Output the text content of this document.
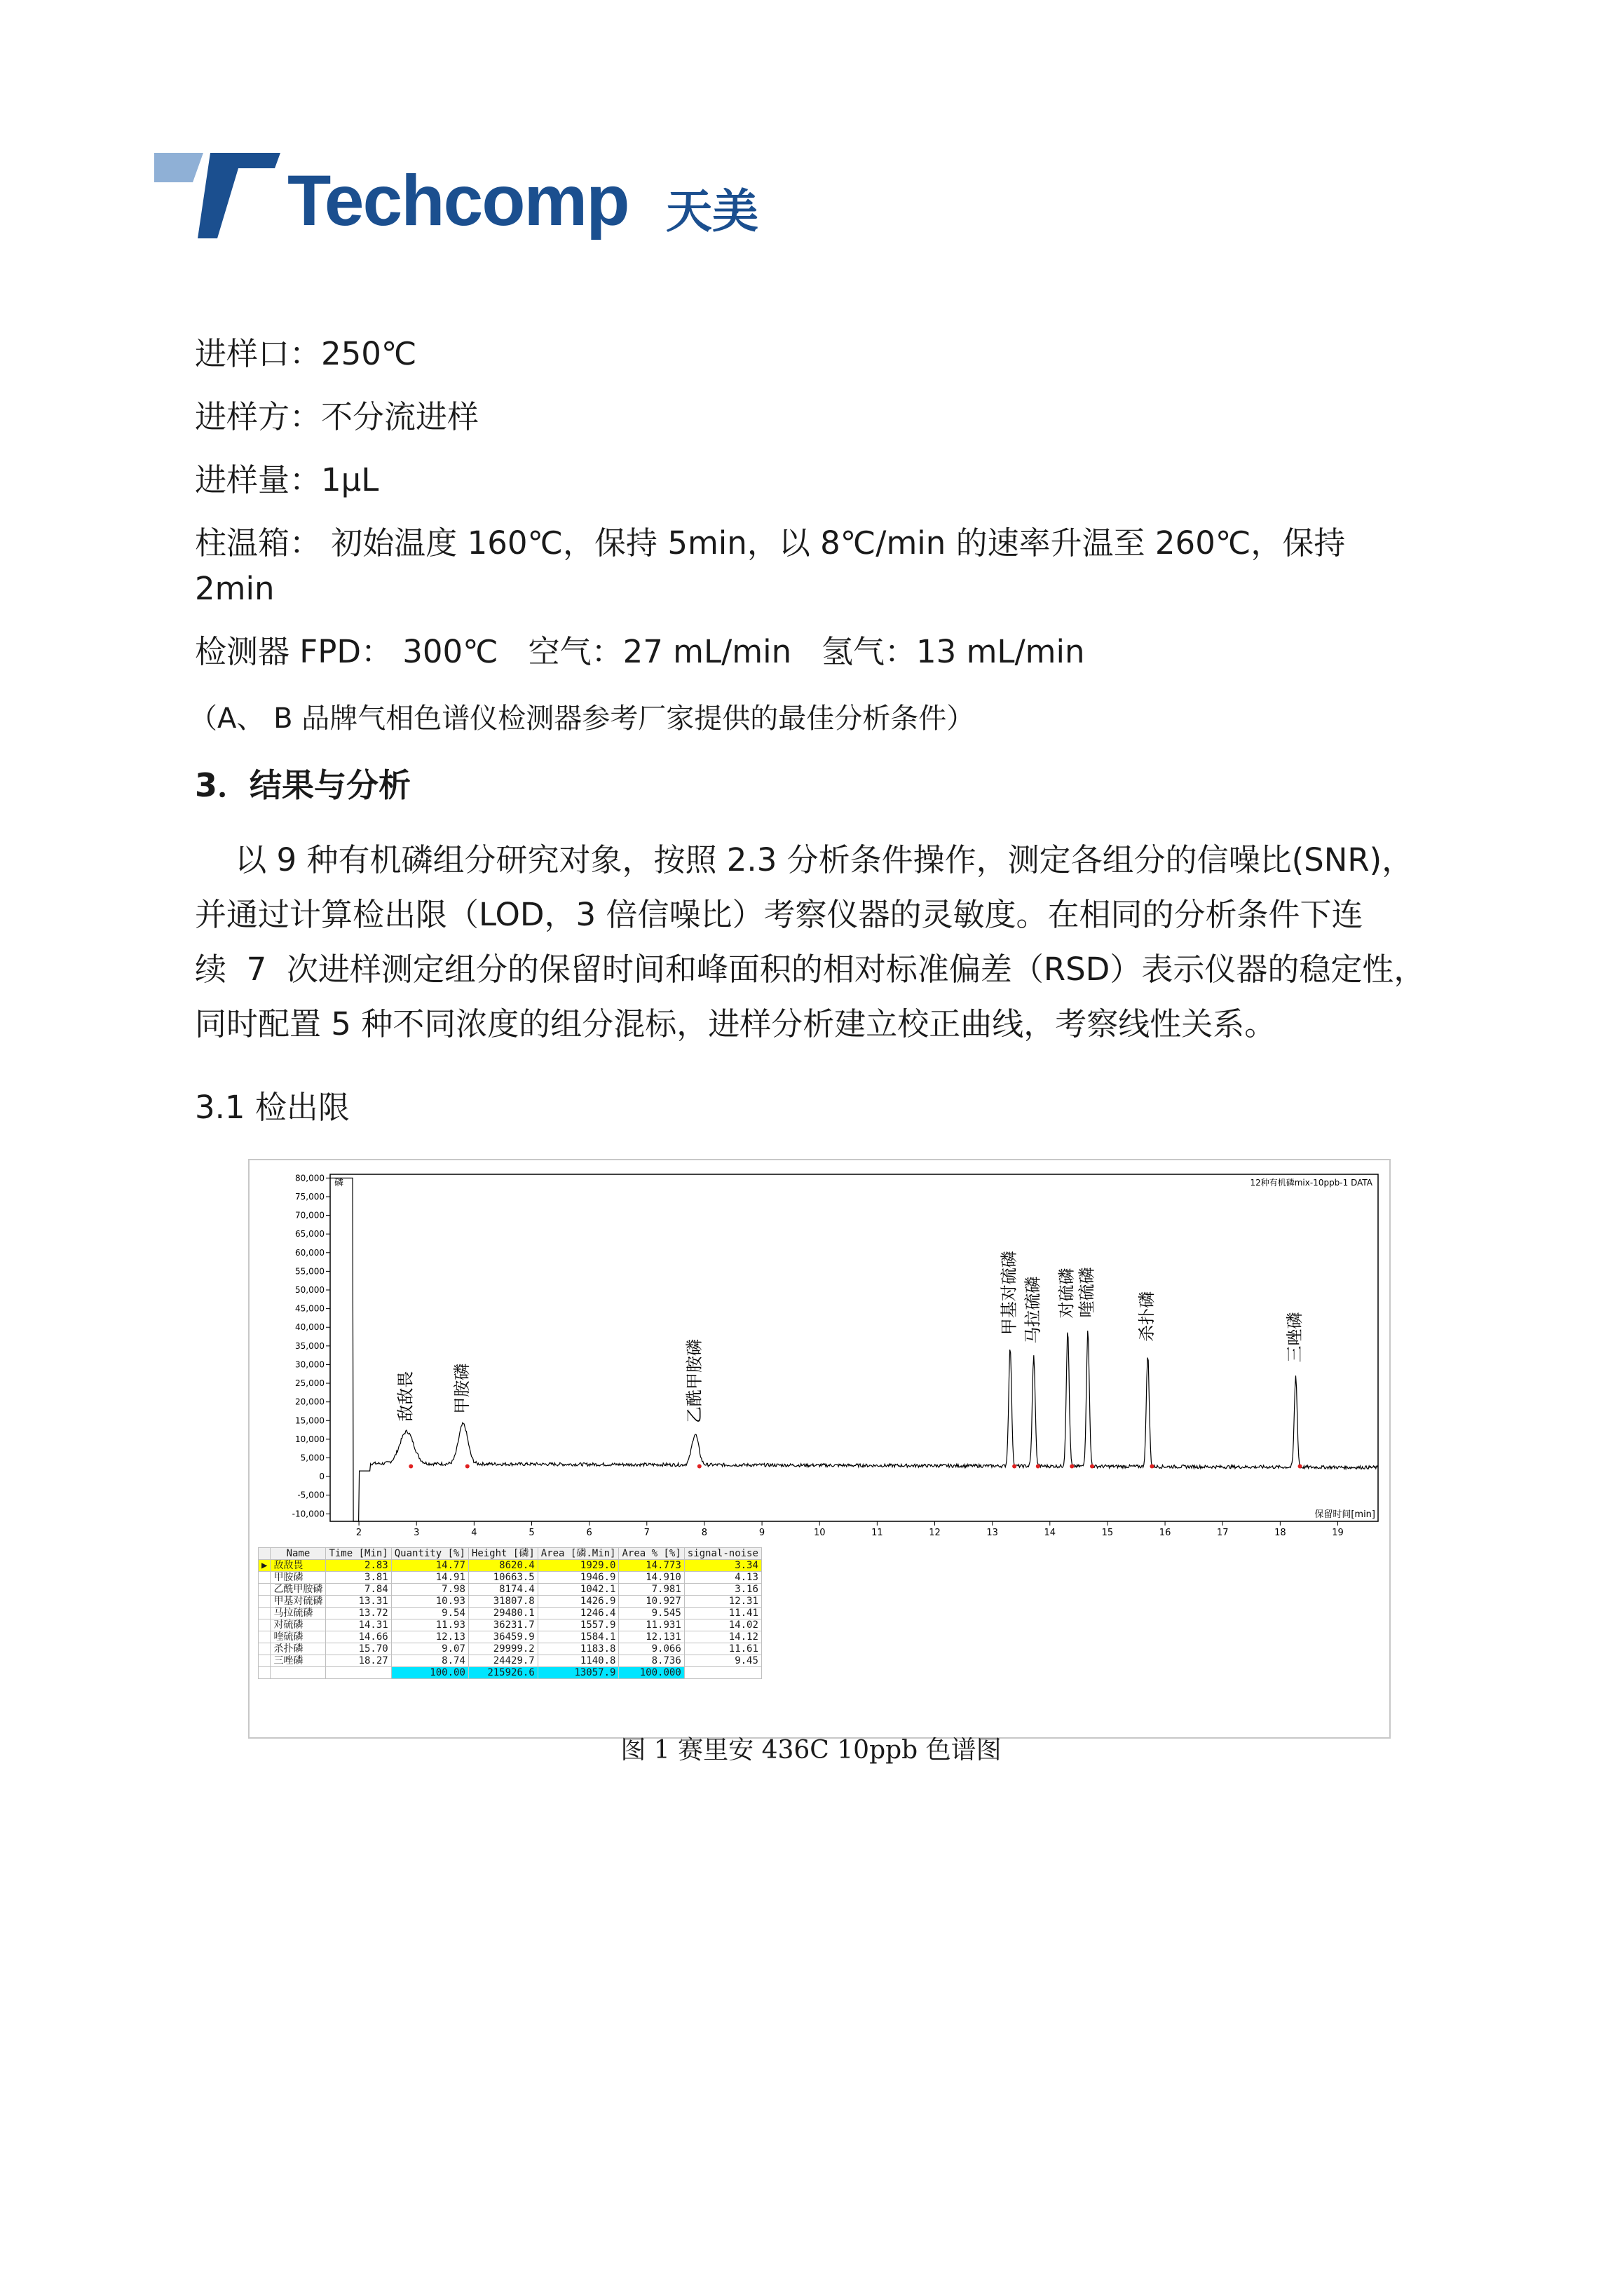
Techcomp 天美
进样口：250℃
进样方：不分流进样
进样量：1μL
柱温箱： 初始温度 160℃，保持 5min，以 8℃/min 的速率升温至 260℃，保持
2min
检测器 FPD： 300℃   空气：27 mL/min   氢气：13 mL/min
（A、 B 品牌气相色谱仪检测器参考厂家提供的最佳分析条件）
3．结果与分析

以 9 种有机磷组分研究对象，按照 2.3 分析条件操作，测定各组分的信噪比(SNR)，

并通过计算检出限（LOD，3 倍信噪比）考察仪器的灵敏度。在相同的分析条件下连

续  7  次进样测定组分的保留时间和峰面积的相对标准偏差（RSD）表示仪器的稳定性，

同时配置 5 种不同浓度的组分混标，进样分析建立校正曲线，考察线性关系。

3.1 检出限
80,000
75,000
70,000
65,000
60,000
55,000
50,000
45,000
40,000
35,000
30,000
25,000
20,000
15,000
10,000
5,000
0
-5,000
-10,000
2	3	4	5	6	7	8	9	10	11	12	13	14	15	16	17	18	19
保留时间[min]
磷	12种有机磷mix-10ppb-1 DATA
敌敌畏 甲胺磷	乙酰甲胺磷
甲基对硫磷 马拉硫磷 对硫磷 喹硫磷 杀扑磷	三唑磷
	Name	Time [Min]	Quantity [%]	Height [磷]	Area [磷.Min]	Area % [%]	signal-noise
▶	敌敌畏	2.83	14.77	8620.4	1929.0	14.773	3.34
	甲胺磷	3.81	14.91	10663.5	1946.9	14.910	4.13
	乙酰甲胺磷	7.84	7.98	8174.4	1042.1	7.981	3.16
	甲基对硫磷	13.31	10.93	31807.8	1426.9	10.927	12.31
	马拉硫磷	13.72	9.54	29480.1	1246.4	9.545	11.41
	对硫磷	14.31	11.93	36231.7	1557.9	11.931	14.02
	喹硫磷	14.66	12.13	36459.9	1584.1	12.131	14.12
	杀扑磷	15.70	9.07	29999.2	1183.8	9.066	11.61
	三唑磷	18.27	8.74	24429.7	1140.8	8.736	9.45
			100.00	215926.6	13057.9	100.000	
图 1 赛里安 436C 10ppb 色谱图
